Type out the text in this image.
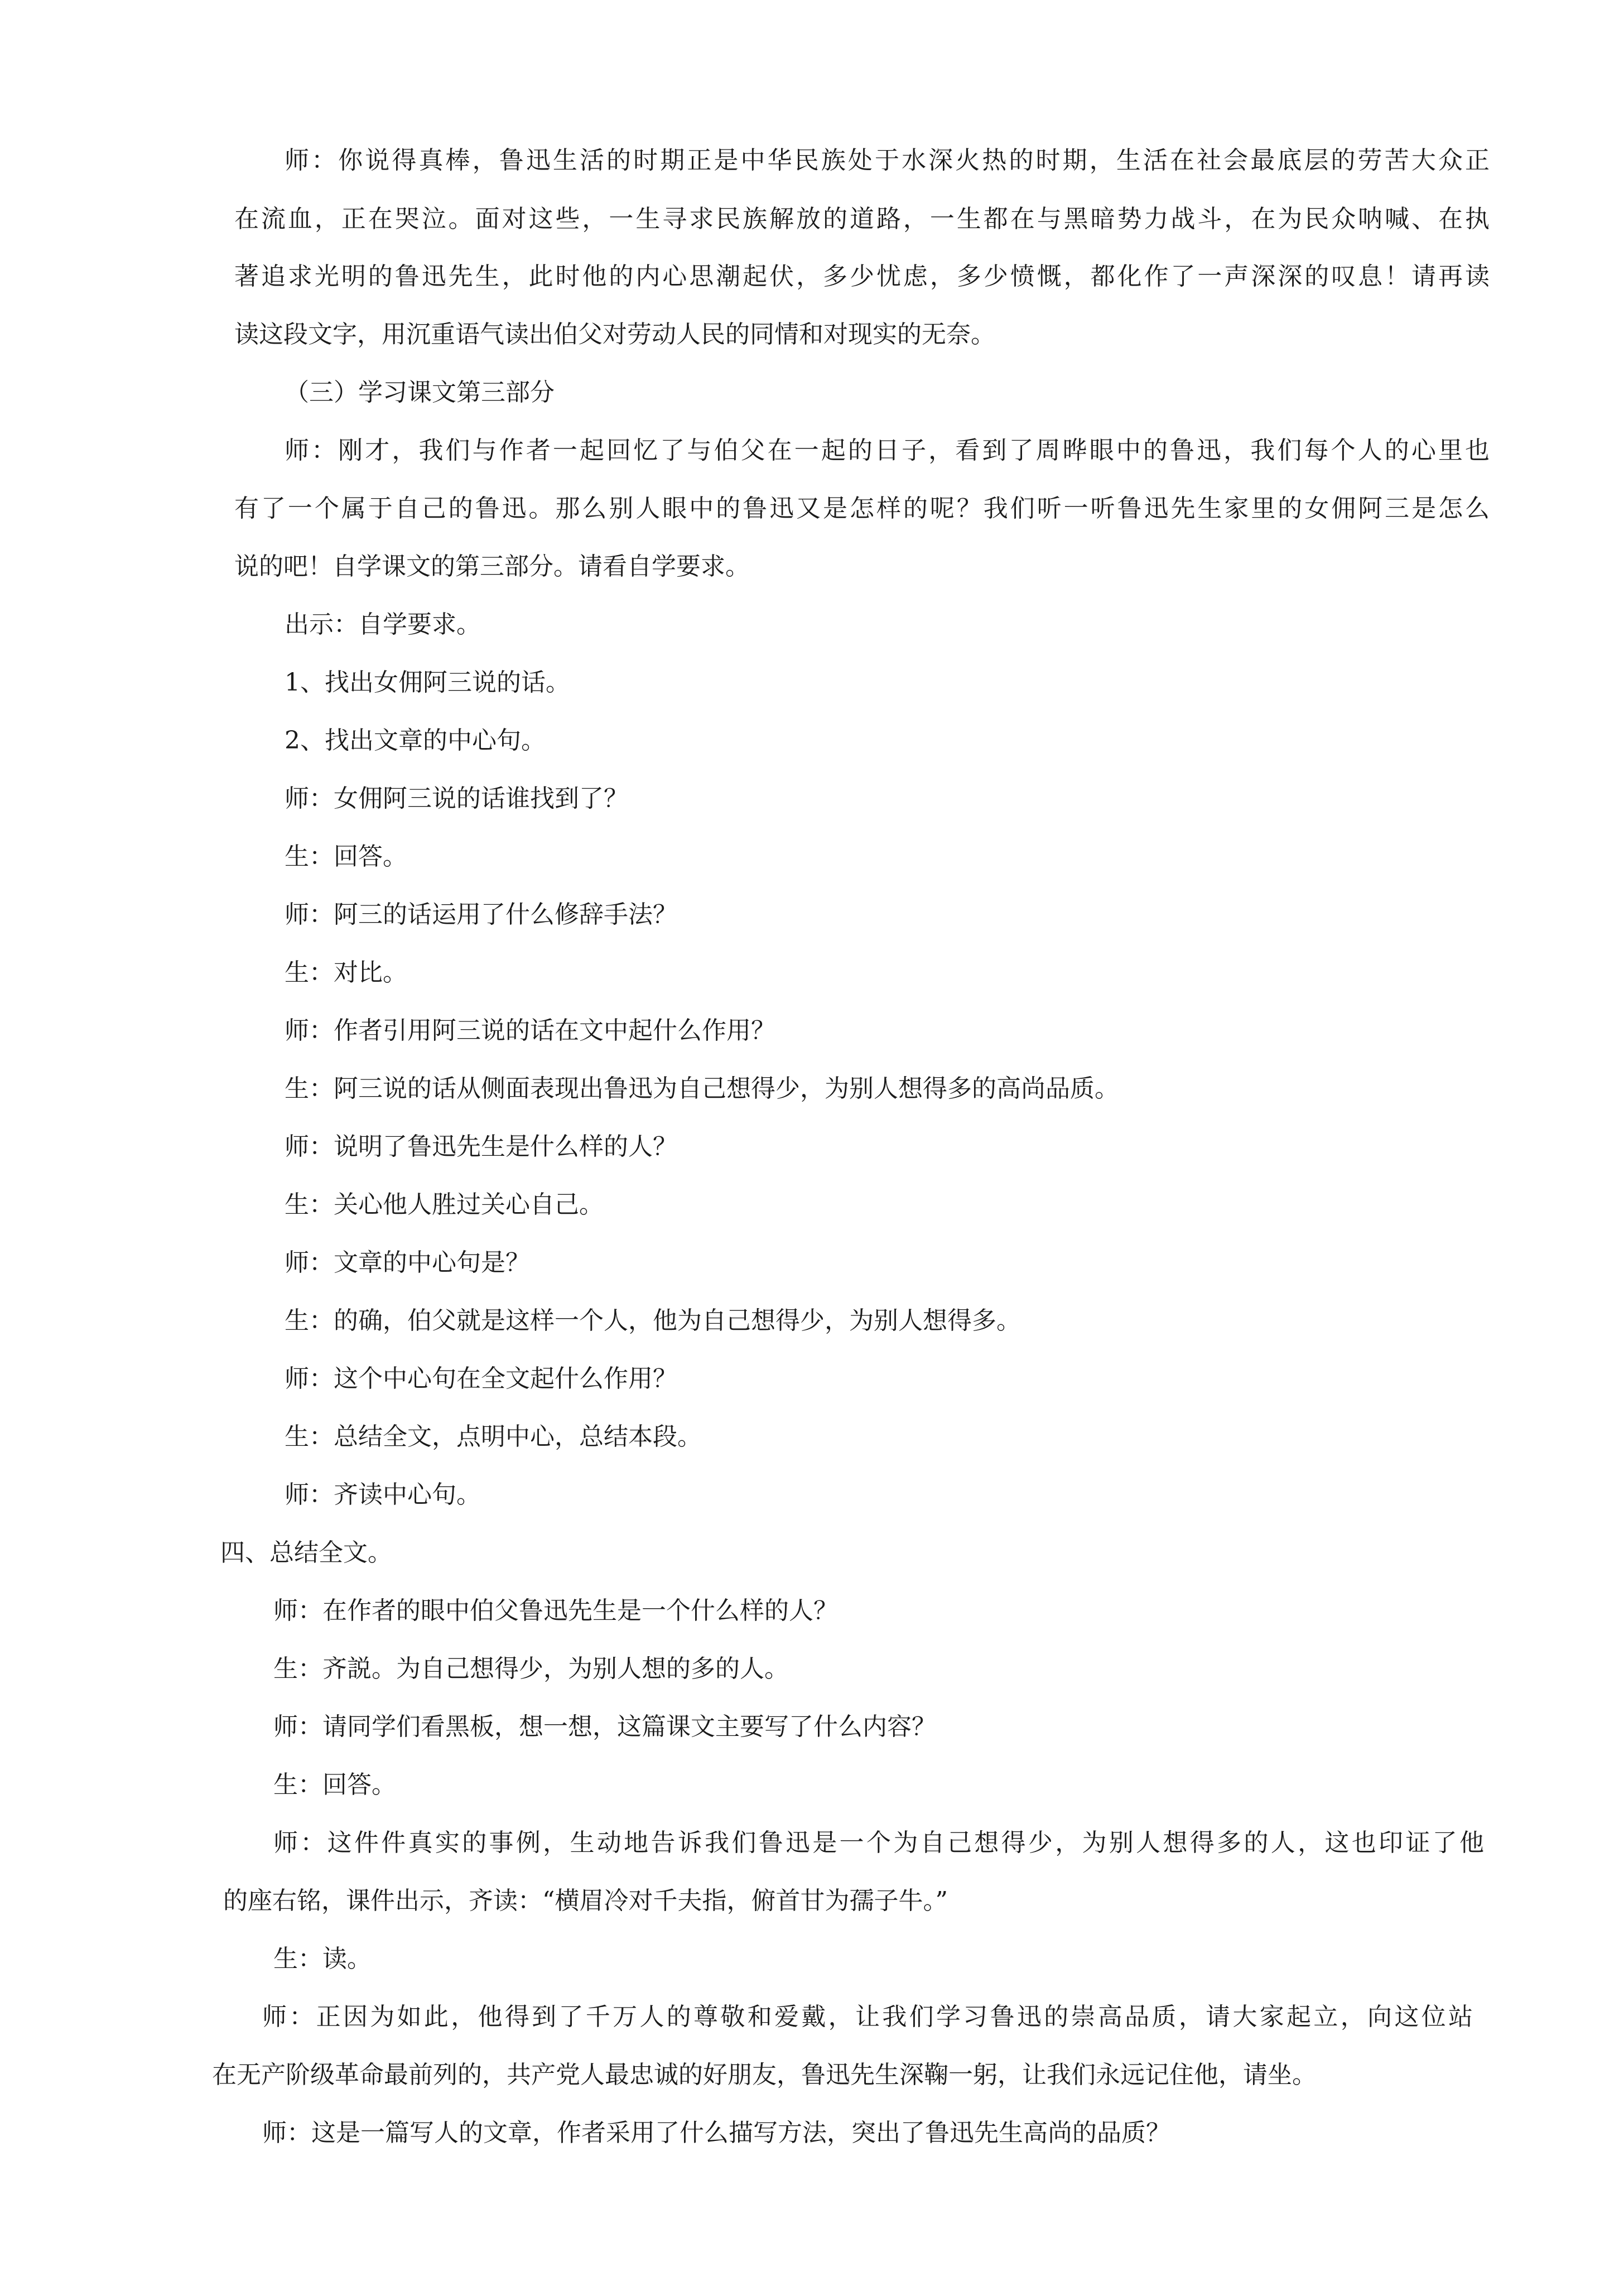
师：你说得真棒，鲁迅生活的时期正是中华民族处于水深火热的时期，生活在社会最底层的劳苦大众正
在流血，正在哭泣。面对这些，一生寻求民族解放的道路，一生都在与黑暗势力战斗，在为民众呐喊、在执
著追求光明的鲁迅先生，此时他的内心思潮起伏，多少忧虑，多少愤慨，都化作了一声深深的叹息！请再读
读这段文字，用沉重语气读出伯父对劳动人民的同情和对现实的无奈。
（三）学习课文第三部分
师：刚才，我们与作者一起回忆了与伯父在一起的日子，看到了周晔眼中的鲁迅，我们每个人的心里也
有了一个属于自己的鲁迅。那么别人眼中的鲁迅又是怎样的呢？我们听一听鲁迅先生家里的女佣阿三是怎么
说的吧！自学课文的第三部分。请看自学要求。
出示：自学要求。
1、找出女佣阿三说的话。
2、找出文章的中心句。
师：女佣阿三说的话谁找到了？
生：回答。
师：阿三的话运用了什么修辞手法？
生：对比。
师：作者引用阿三说的话在文中起什么作用？
生：阿三说的话从侧面表现出鲁迅为自己想得少，为别人想得多的高尚品质。
师：说明了鲁迅先生是什么样的人？
生：关心他人胜过关心自己。
师：文章的中心句是？
生：的确，伯父就是这样一个人，他为自己想得少，为别人想得多。
师：这个中心句在全文起什么作用？
生：总结全文，点明中心，总结本段。
师：齐读中心句。
四、总结全文。
师：在作者的眼中伯父鲁迅先生是一个什么样的人？
生：齐説。为自己想得少，为别人想的多的人。
师：请同学们看黑板，想一想，这篇课文主要写了什么内容？
生：回答。
师：这件件真实的事例，生动地告诉我们鲁迅是一个为自己想得少，为别人想得多的人，这也印证了他
的座右铭，课件出示，齐读：“横眉冷对千夫指，俯首甘为孺子牛。”
生：读。
师：正因为如此，他得到了千万人的尊敬和爱戴，让我们学习鲁迅的崇高品质，请大家起立，向这位站
在无产阶级革命最前列的，共产党人最忠诚的好朋友，鲁迅先生深鞠一躬，让我们永远记住他，请坐。
师：这是一篇写人的文章，作者采用了什么描写方法，突出了鲁迅先生高尚的品质？
